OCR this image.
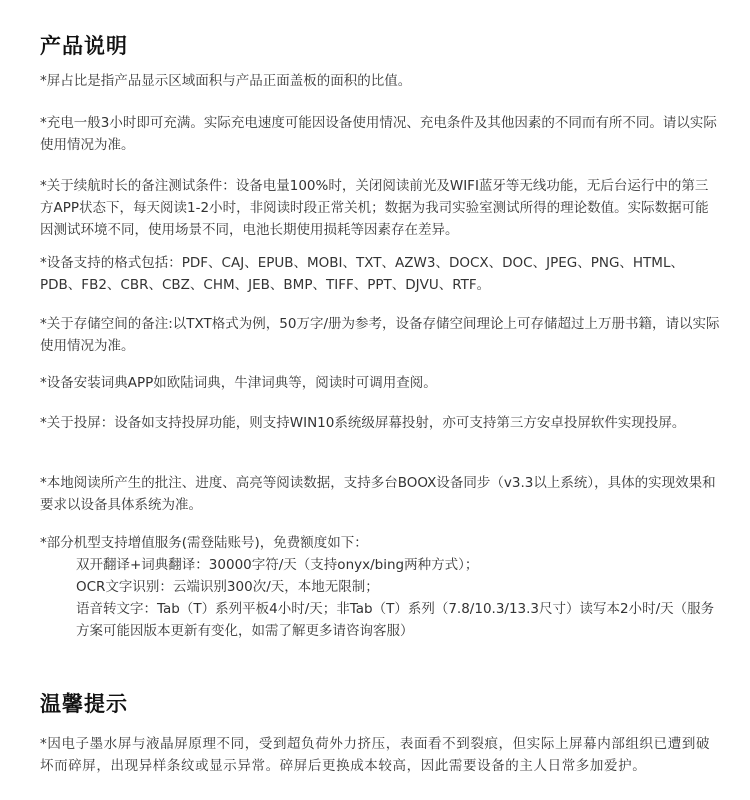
产品说明

*屏占比是指产品显示区域面积与产品正面盖板的面积的比值。

*充电一般3小时即可充满。实际充电速度可能因设备使用情况、充电条件及其他因素的不同而有所不同。请以实际使用情况为准。

*关于续航时长的备注测试条件：设备电量100%时，关闭阅读前光及WIFI蓝牙等无线功能，无后台运行中的第三方APP状态下，每天阅读1-2小时，非阅读时段正常关机；数据为我司实验室测试所得的理论数值。实际数据可能因测试环境不同，使用场景不同，电池长期使用损耗等因素存在差异。

*设备支持的格式包括：PDF、CAJ、EPUB、MOBI、TXT、AZW3、DOCX、DOC、JPEG、PNG、HTML、PDB、FB2、CBR、CBZ、CHM、JEB、BMP、TIFF、PPT、DJVU、RTF。

*关于存储空间的备注:以TXT格式为例，50万字/册为参考，设备存储空间理论上可存储超过上万册书籍，请以实际使用情况为准。

*设备安装词典APP如欧陆词典，牛津词典等，阅读时可调用查阅。

*关于投屏：设备如支持投屏功能，则支持WIN10系统级屏幕投射，亦可支持第三方安卓投屏软件实现投屏。

*本地阅读所产生的批注、进度、高亮等阅读数据，支持多台BOOX设备同步（v3.3以上系统），具体的实现效果和要求以设备具体系统为准。

*部分机型支持增值服务(需登陆账号)，免费额度如下：

双开翻译+词典翻译：30000字符/天（支持onyx/bing两种方式）；

OCR文字识别：云端识别300次/天，本地无限制；

语音转文字：Tab（T）系列平板4小时/天；非Tab（T）系列（7.8/10.3/13.3尺寸）读写本2小时/天（服务方案可能因版本更新有变化，如需了解更多请咨询客服）

温馨提示

*因电子墨水屏与液晶屏原理不同，受到超负荷外力挤压，表面看不到裂痕，但实际上屏幕内部组织已遭到破坏而碎屏，出现异样条纹或显示异常。碎屏后更换成本较高，因此需要设备的主人日常多加爱护。
